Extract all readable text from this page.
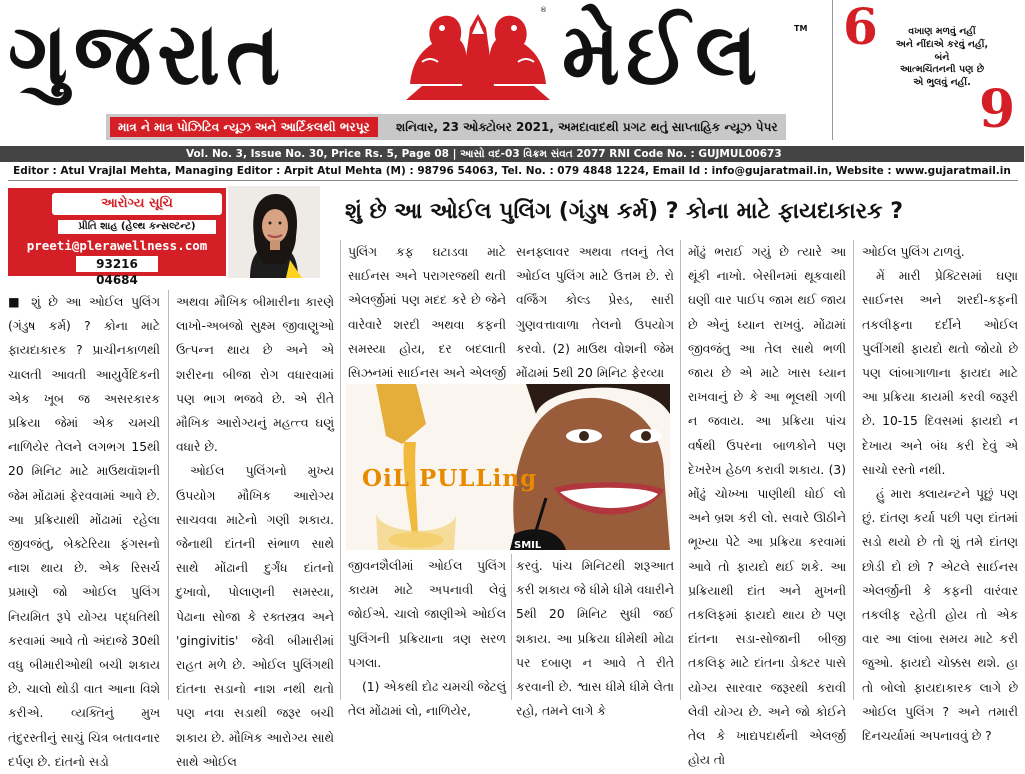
ગુજરાત	® મેઈલ	TM
માત્ર ને માત્ર પોઝિટિવ ન્યૂઝ અને આર્ટિકલથી ભરપૂર	શનિવાર, 23 ઓક્ટોબર 2021, અમદાવાદથી પ્રગટ થતું સાપ્તાહિક ન્યૂઝ પેપર
6	વખાણ મળવું નહીં
અને નીંદાએ કરવું નહીં,
બંને
આત્મચિંતનની પણ છે
એ ભુલવું નહીં. 9
Vol. No. 3, Issue No. 30, Price Rs. 5, Page 08 | આસો વદ-03 વિક્રમ સંવત 2077 RNI Code No. : GUJMUL00673
Editor : Atul Vrajlal Mehta, Managing Editor : Arpit Atul Mehta (M) : 98796 54063, Tel. No. : 079 4848 1224, Email Id : info@gujaratmail.in, Website : www.gujaratmail.in
આરોગ્ય સૂચિ
પ્રીતિ શાહ (હેલ્થ કન્સલ્ટન્ટ)
preeti@plerawellness.com
93216 04684
શું છે આ ઓઈલ પુલિંગ (ગંડુષ કર્મ) ? કોના માટે ફાયદાકારક ?

■ શું છે આ ઓઈલ પુલિંગ (ગંડુષ કર્મ) ? કોના માટે ફાયદાકારક ? પ્રાચીનકાળથી ચાલતી આવતી આયુર્વેદિકની એક ખૂબ જ અસરકારક પ્રક્રિયા જેમાં એક ચમચી નાળિયેર તેલને લગભગ 15થી 20 મિનિટ માટે માઉથવૉશની જેમ મોંઢામાં ફેરવવામાં આવે છે. આ પ્રક્રિયાથી મોંઢામાં રહેલા જીવજંતુ, બેક્ટેરિયા ફંગસનો નાશ થાય છે. એક રિસર્ચ પ્રમાણે જો ઓઈલ પુલિંગ નિયમિત રૂપે યોગ્ય પદ્ધતિથી કરવામાં આવે તો અંદાજે 30થી વધુ બીમારીઓથી બચી શકાય છે. ચાલો થોડી વાત આના વિશે કરીએ. વ્યક્તિનું મુખ તંદુરસ્તીનું સાચું ચિત્ર બતાવનાર દર્પણ છે. દાંતનો સડો

અથવા મૌખિક બીમારીના કારણે લાખો-અબજો સુક્ષ્મ જીવાણુઓ ઉત્પન્ન થાય છે અને એ શરીરના બીજા રોગ વધારવામાં પણ ભાગ ભજવે છે. એ રીતે મૌખિક આરોગ્યનું મહત્ત્વ ઘણું વધારે છે.

ઓઈલ પુલિંગનો મુખ્ય ઉપયોગ મૌખિક આરોગ્ય સાચવવા માટેનો ગણી શકાય. જેનાથી દાંતની સંભાળ સાથે સાથે મોંઢાની દુર્ગંધ દાંતનો દુખાવો, પોલાણની સમસ્યા, પેઢાના સોજા કે રક્તસ્ત્રવ અને 'gingivitis' જેવી બીમારીમાં રાહત મળે છે. ઓઈલ પુલિંગથી દાંતના સડાનો નાશ નથી થતો પણ નવા સડાથી જરૂર બચી શકાય છે. મૌખિક આરોગ્ય સાથે સાથે ઓઈલ

પુલિંગ કફ ઘટાડવા માટે સાઈનસ અને પરાગરજથી થતી એલર્જીમાં પણ મદદ કરે છે જેને વારેવારે શરદી અથવા કફની સમસ્યા હોય, દર બદલાતી સિઝનમાં સાઈનસ અને એલર્જી

સનફ્લાવર અથવા તલનું તેલ ઓઈલ પુલિંગ માટે ઉત્તમ છે. રો વર્જિંગ કોલ્ડ પ્રેસ્ડ, સારી ગુણવત્તાવાળા તેલનો ઉપયોગ કરવો. (2) માઉથ વોશની જેમ મોંઢામાં 5થી 20 મિનિટ ફેરવ્યા

OiL PULLing
SMIL

જીવનશૈલીમાં ઓઈલ પુલિંગ કાયમ માટે અપનાવી લેવું જોઈએ. ચાલો જાણીએ ઓઈલ પુલિંગની પ્રક્રિયાના ત્રણ સરળ પગલા.

(1) એકથી દોઢ ચમચી જેટલું તેલ મોંઢામાં લો, નાળિયેર,

કરવું. પાંચ મિનિટથી શરૂઆત કરી શકાય જે ધીમે ધીમે વધારીને 5થી 20 મિનિટ સુધી જઈ શકાય. આ પ્રક્રિયા ધીમેથી મોઢા પર દબાણ ન આવે તે રીતે કરવાની છે. શ્વાસ ધીમે ધીમે લેતા રહો, તમને લાગે કે

મોંઢું ભરાઈ ગયું છે ત્યારે આ થૂંકી નાખો. બેસીનમાં થૂકવાથી ઘણી વાર પાઈપ જામ થઈ જાય છે એનું ધ્યાન રાખવું. મોંઢામાં જીવજંતુ આ તેલ સાથે ભળી જાય છે એ માટે ખાસ ધ્યાન રાખવાનું છે કે આ ભૂલથી ગળી ન જવાય. આ પ્રક્રિયા પાંચ વર્ષથી ઉપરના બાળકોને પણ દેખરેખ હેઠળ કરાવી શકાય. (3) મોંઢું ચોખ્ખા પાણીથી ધોઈ લો અને બ્રશ કરી લો. સવારે ઊઠીને ભૂખ્યા પેટે આ પ્રક્રિયા કરવામાં આવે તો ફાયદો થઈ શકે. આ પ્રક્રિયાથી દાંત અને મુખની તકલિફમાં ફાયદો થાય છે પણ દાંતના સડા-સોજાની બીજી તકલિફ માટે દાંતના ડોક્ટર પાસે યોગ્ય સારવાર જરૂરથી કરાવી લેવી યોગ્ય છે. અને જો કોઈને તેલ કે ખાદ્યપદાર્થની એલર્જી હોય તો

ઓઈલ પુલિંગ ટાળવું.

મેં મારી પ્રેક્ટિસમાં ઘણા સાઈનસ અને શરદી-કફની તકલીફના દર્દીને ઓઈલ પુલીંગથી ફાયદો થતો જોયો છે પણ લાંબાગાળાના ફાયદા માટે આ પ્રક્રિયા કાયમી કરવી જરૂરી છે. 10-15 દિવસમાં ફાયદો ન દેખાય અને બંધ કરી દેવું એ સાચો રસ્તો નથી.

હું મારા ક્લાયન્ટને પૂછું પણ છું. દાંતણ કર્યા પછી પણ દાંતમાં સડો થયો છે તો શું તમે દાંતણ છોડી દો છો ? એટલે સાઈનસ એલર્જીની કે કફની વારંવાર તકલીફ રહેતી હોય તો એક વાર આ લાંબા સમય માટે કરી જુઓ. ફાયદો ચોક્કસ થશે. હા તો બોલો ફાયદાકારક લાગે છે ઓઈલ પુલિંગ ? અને તમારી દિનચર્યામાં અપનાવવું છે ?
